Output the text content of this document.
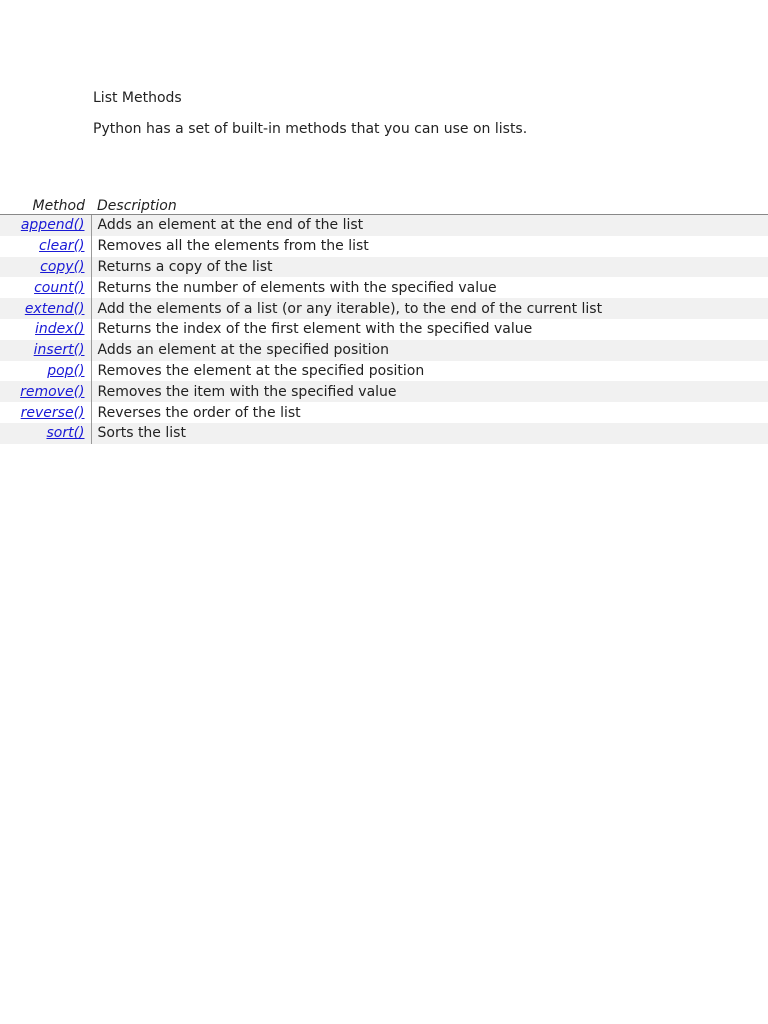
List Methods
Python has a set of built-in methods that you can use on lists.
Method	Description
append()	Adds an element at the end of the list
clear()	Removes all the elements from the list
copy()	Returns a copy of the list
count()	Returns the number of elements with the specified value
extend()	Add the elements of a list (or any iterable), to the end of the current list
index()	Returns the index of the first element with the specified value
insert()	Adds an element at the specified position
pop()	Removes the element at the specified position
remove()	Removes the item with the specified value
reverse()	Reverses the order of the list
sort()	Sorts the list
